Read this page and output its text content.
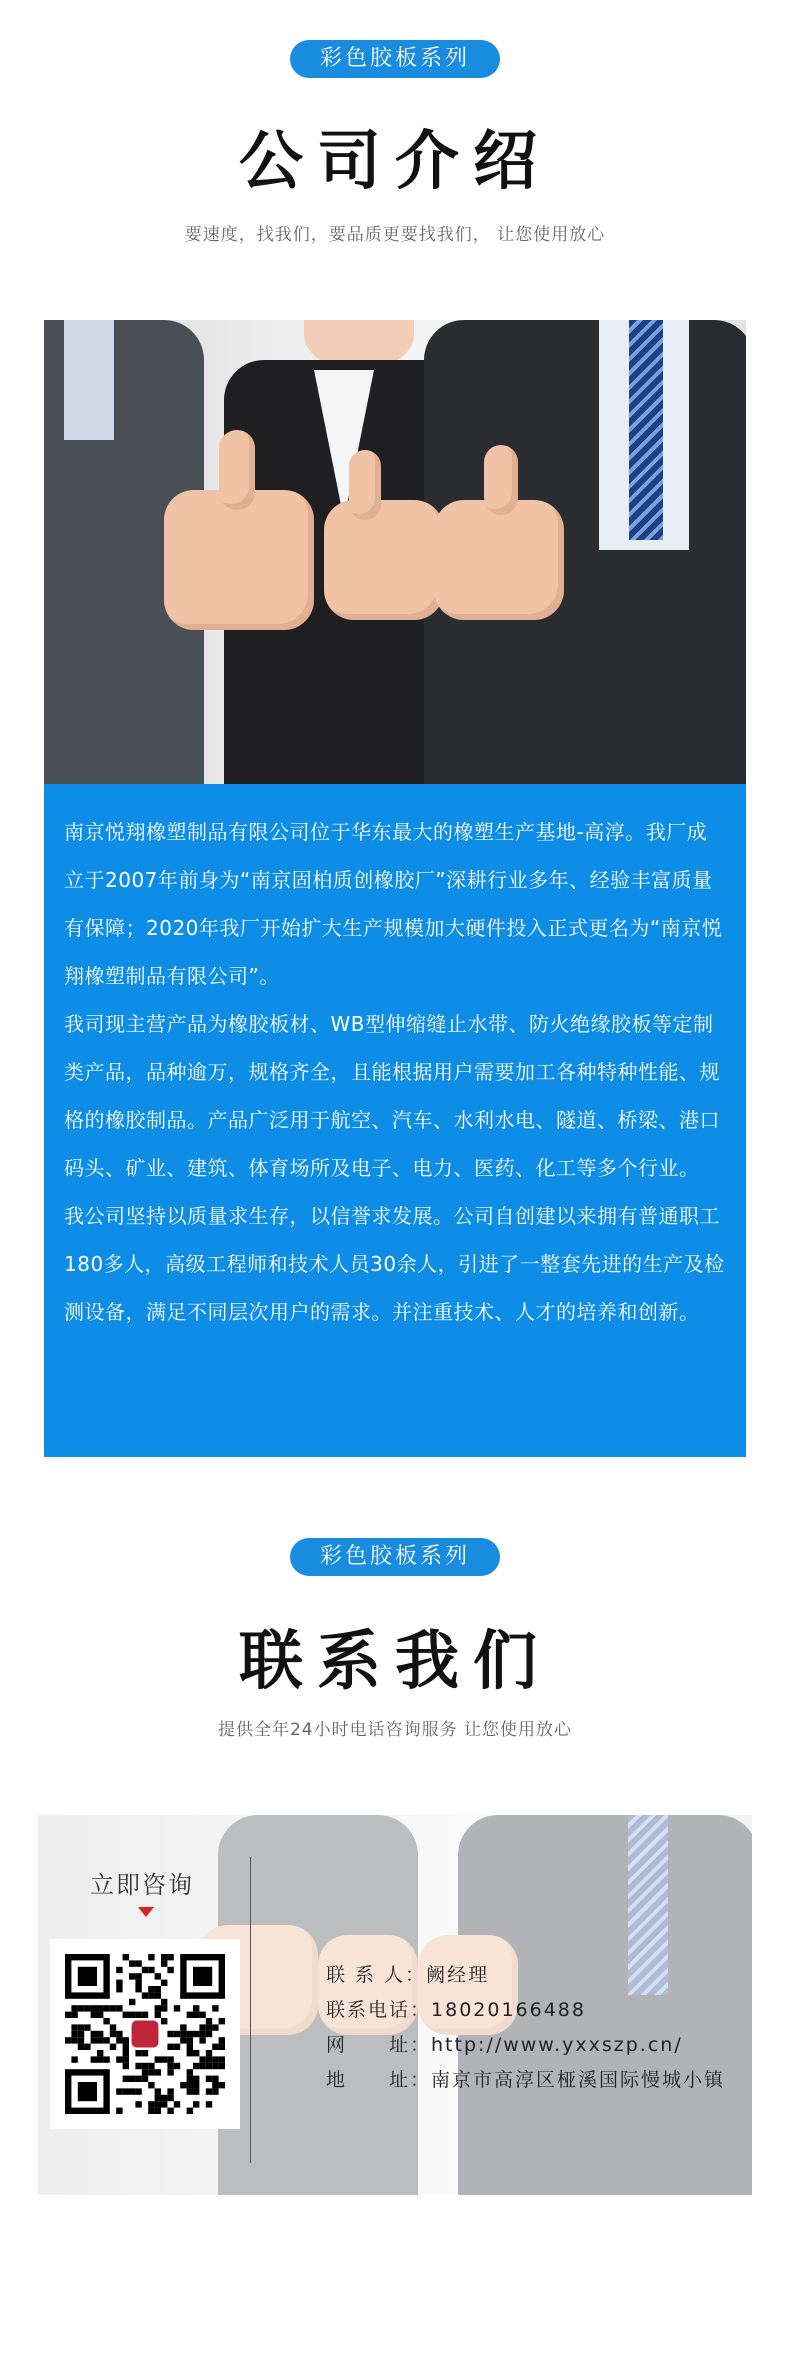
彩色胶板系列
公司介绍
要速度，找我们，要品质更要找我们， 让您使用放心

南京悦翔橡塑制品有限公司位于华东最大的橡塑生产基地-高淳。我厂成立于2007年前身为“南京固柏质创橡胶厂”深耕行业多年、经验丰富质量有保障；2020年我厂开始扩大生产规模加大硬件投入正式更名为“南京悦翔橡塑制品有限公司”。

我司现主营产品为橡胶板材、WB型伸缩缝止水带、防火绝缘胶板等定制类产品，品种逾万，规格齐全，且能根据用户需要加工各种特种性能、规格的橡胶制品。产品广泛用于航空、汽车、水利水电、隧道、桥梁、港口码头、矿业、建筑、体育场所及电子、电力、医药、化工等多个行业。

我公司坚持以质量求生存，以信誉求发展。公司自创建以来拥有普通职工180多人，高级工程师和技术人员30余人，引进了一整套先进的生产及检测设备，满足不同层次用户的需求。并注重技术、人才的培养和创新。

彩色胶板系列
联系我们
提供全年24小时电话咨询服务 让您使用放心
立即咨询
联 系 人：阙经理
联系电话：18020166488
网　　址：http://www.yxxszp.cn/
地　　址：南京市高淳区桠溪国际慢城小镇
